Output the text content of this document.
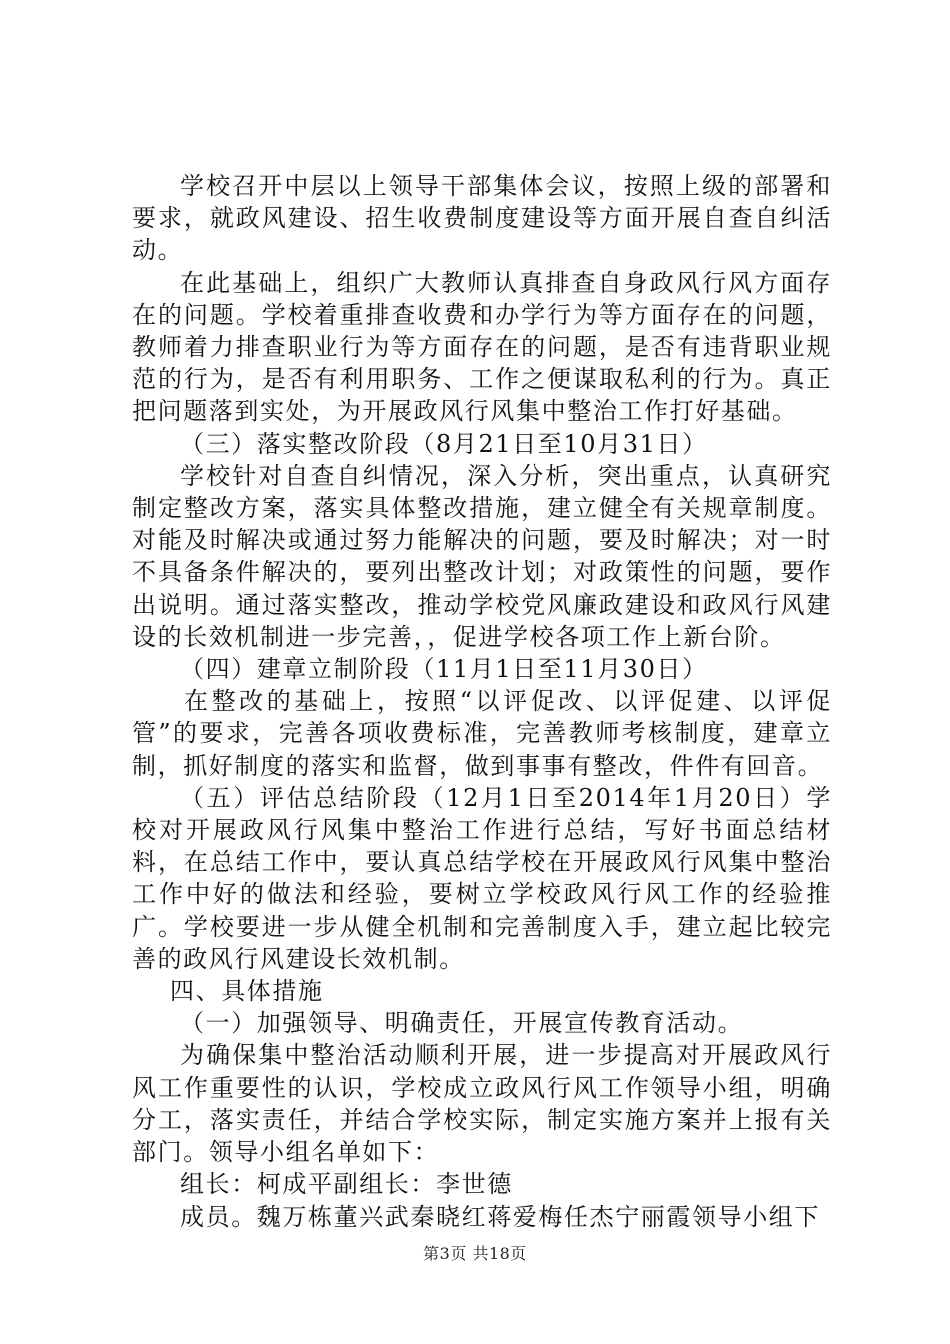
学校召开中层以上领导干部集体会议，按照上级的部署和要求，就政风建设、招生收费制度建设等方面开展自查自纠活动。

在此基础上，组织广大教师认真排查自身政风行风方面存在的问题。学校着重排查收费和办学行为等方面存在的问题，教师着力排查职业行为等方面存在的问题，是否有违背职业规范的行为，是否有利用职务、工作之便谋取私利的行为。真正把问题落到实处，为开展政风行风集中整治工作打好基础。

（三）落实整改阶段（8月21日至10月31日）

学校针对自查自纠情况，深入分析，突出重点，认真研究制定整改方案，落实具体整改措施，建立健全有关规章制度。对能及时解决或通过努力能解决的问题，要及时解决；对一时不具备条件解决的，要列出整改计划；对政策性的问题，要作出说明。通过落实整改，推动学校党风廉政建设和政风行风建设的长效机制进一步完善，，促进学校各项工作上新台阶。

（四）建章立制阶段（11月1日至11月30日）

在整改的基础上，按照“以评促改、以评促建、以评促管”的要求，完善各项收费标准，完善教师考核制度，建章立制，抓好制度的落实和监督，做到事事有整改，件件有回音。

（五）评估总结阶段（12月1日至2014年1月20日）学校对开展政风行风集中整治工作进行总结，写好书面总结材料，在总结工作中，要认真总结学校在开展政风行风集中整治工作中好的做法和经验，要树立学校政风行风工作的经验推广。学校要进一步从健全机制和完善制度入手，建立起比较完善的政风行风建设长效机制。

四、具体措施

（一）加强领导、明确责任，开展宣传教育活动。

为确保集中整治活动顺利开展，进一步提高对开展政风行风工作重要性的认识，学校成立政风行风工作领导小组，明确分工，落实责任，并结合学校实际，制定实施方案并上报有关部门。领导小组名单如下：

组长：柯成平副组长：李世德

成员。魏万栋董兴武秦晓红蒋爱梅任杰宁丽霞领导小组下

第3页 共18页
